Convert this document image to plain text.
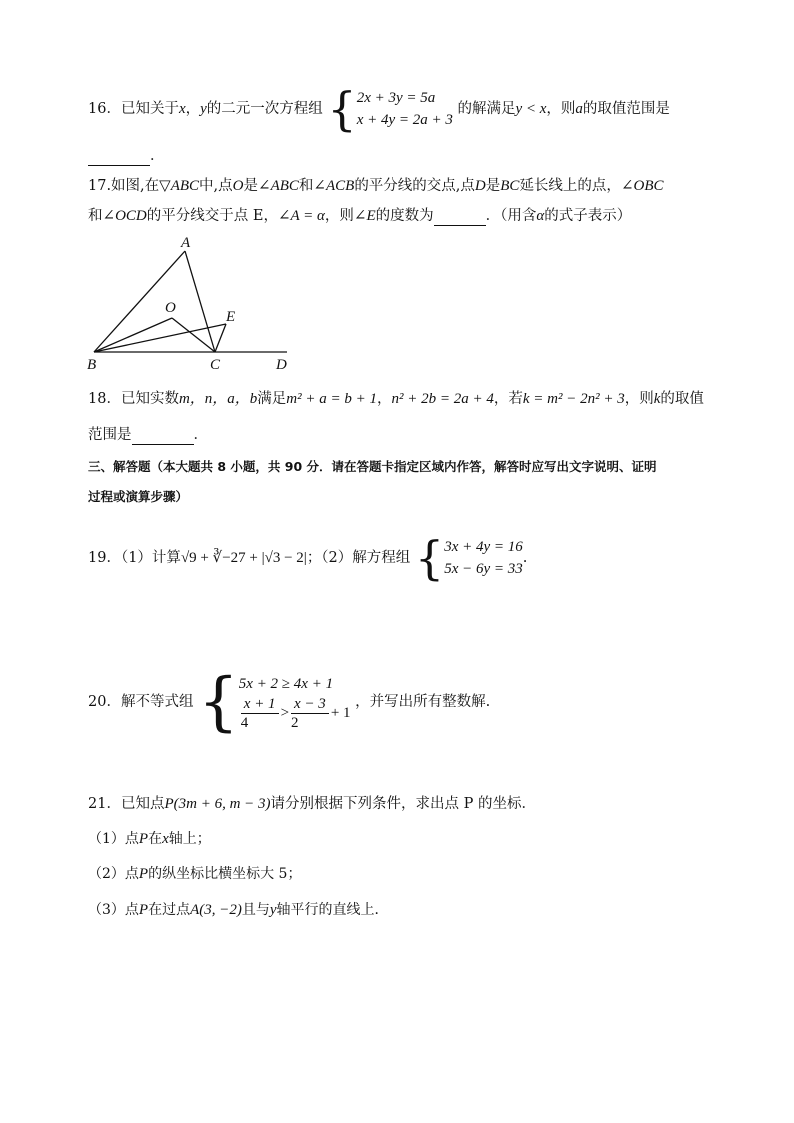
16．已知关于x，y的二元一次方程组 { 2x + 3y = 5a
x + 4y = 2a + 3
的解满足y < x，则a的取值范围是
．
17.如图,在▽ABC中,点O是∠ABC和∠ACB的平分线的交点,点D是BC延长线上的点，∠OBC
和∠OCD的平分线交于点 E，∠A = α，则∠E的度数为	．（用含α的式子表示）
A
O
E
B	C	D
18．已知实数m，n，a，b满足m² + a = b + 1，n² + 2b = 2a + 4，若k = m² − 2n² + 3，则k的取值
范围是	．
三、解答题（本大题共 8 小题，共 90 分．请在答题卡指定区域内作答，解答时应写出文字说明、证明
过程或演算步骤）
19．（1）计算√9 + ∛−27 + |√3 − 2|；（2）解方程组 { 3x + 4y = 16
5x − 6y = 33
.
20．解不等式组 { 5x + 2 ≥ 4x + 1
$\frac{x + 1}{4} > \frac{x - 3}{2} + 1$
，并写出所有整数解.
21．已知点P(3m + 6, m − 3)请分别根据下列条件，求出点 P 的坐标．
（1）点P在x轴上；
（2）点P的纵坐标比横坐标大 5；
（3）点P在过点A(3, −2)且与y轴平行的直线上．
